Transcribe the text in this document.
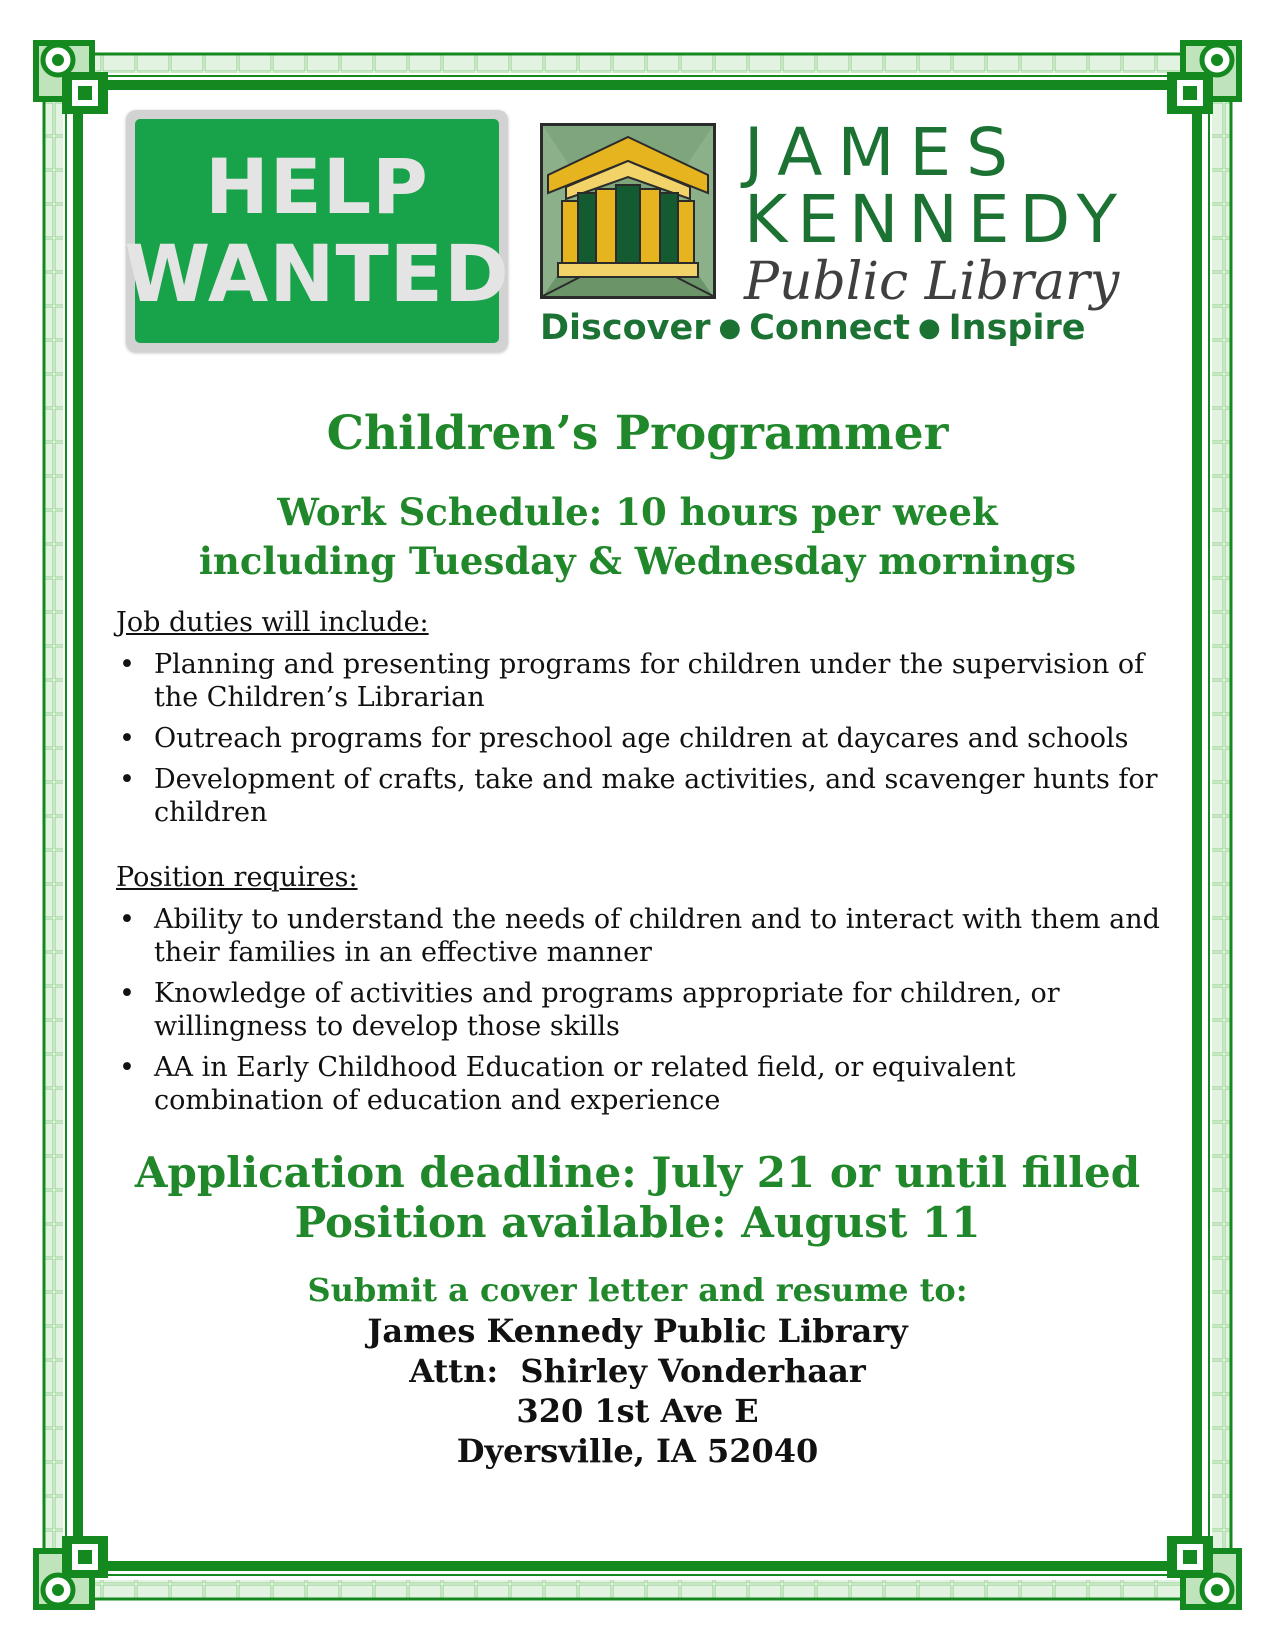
HELP
WANTED
JAMES
KENNEDY
Public Library
Discover ● Connect ● Inspire
Children’s Programmer
Work Schedule: 10 hours per week
including Tuesday & Wednesday mornings
Job duties will include:
• Planning and presenting programs for children under the supervision of the Children’s Librarian
• Outreach programs for preschool age children at daycares and schools
• Development of crafts, take and make activities, and scavenger hunts for children
Position requires:
• Ability to understand the needs of children and to interact with them and their families in an effective manner
• Knowledge of activities and programs appropriate for children, or willingness to develop those skills
• AA in Early Childhood Education or related field, or equivalent combination of education and experience
Application deadline: July 21 or until filled
Position available: August 11
Submit a cover letter and resume to:
James Kennedy Public Library
Attn:  Shirley Vonderhaar
320 1st Ave E
Dyersville, IA 52040
